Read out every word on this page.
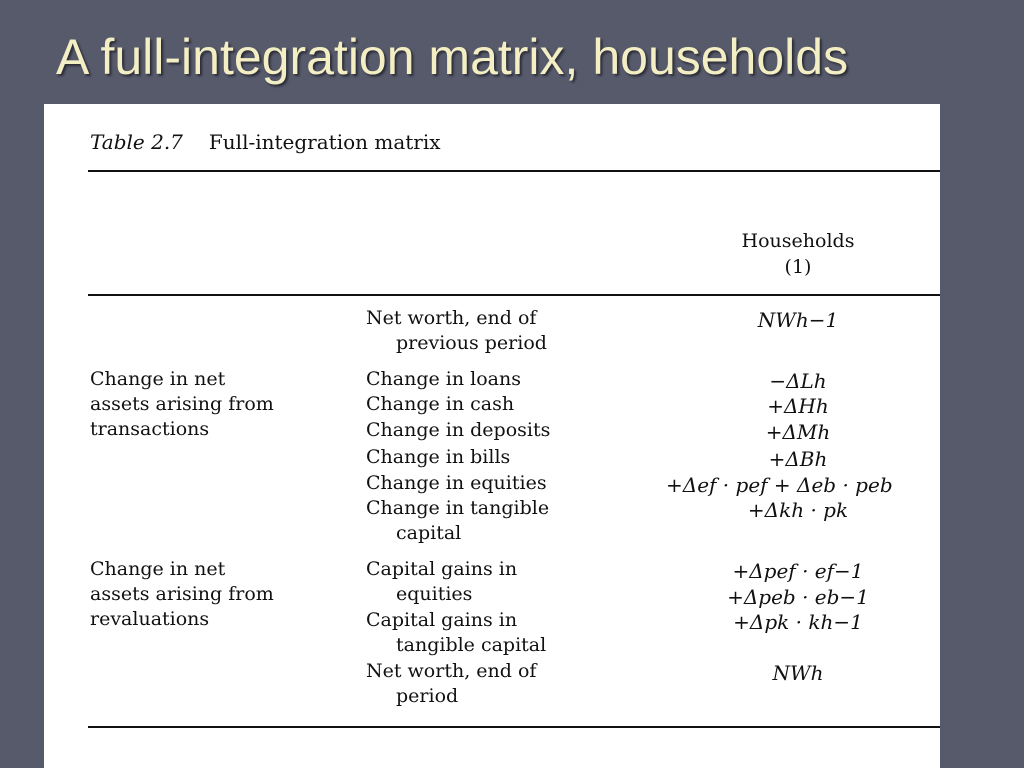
A full-integration matrix, households
Table 2.7 Full-integration matrix
Households
(1)
Change in net
assets arising from
transactions
Change in net
assets arising from
revaluations
Net worth, end of
previous period
Change in loans
Change in cash
Change in deposits
Change in bills
Change in equities
Change in tangible
capital
Capital gains in
equities
Capital gains in
tangible capital
Net worth, end of
period
NWh−1
−ΔLh
+ΔHh
+ΔMh
+ΔBh
+Δef · pef + Δeb · peb
+Δkh · pk
+Δpef · ef−1
+Δpeb · eb−1
+Δpk · kh−1
NWh
